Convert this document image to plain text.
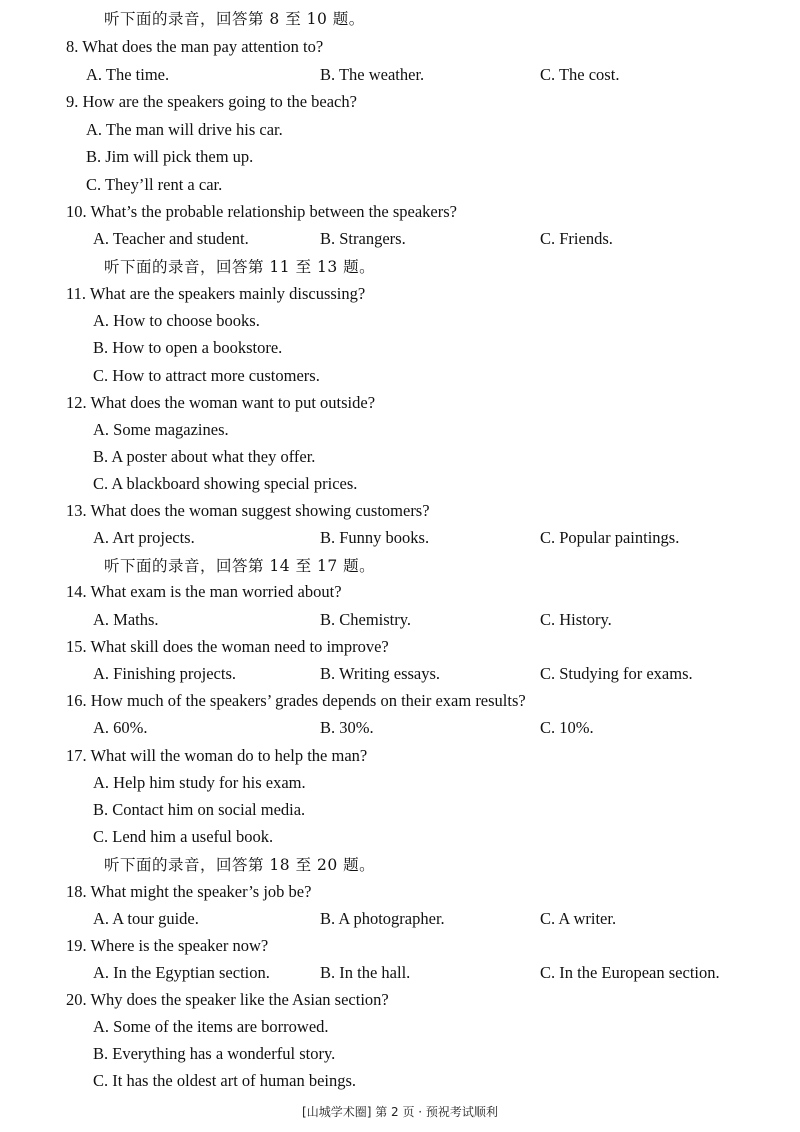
听下面的录音，回答第 8 至 10 题。
8. What does the man pay attention to?
A. The time.	B. The weather.	C. The cost.
9. How are the speakers going to the beach?
A. The man will drive his car.
B. Jim will pick them up.
C. They’ll rent a car.
10. What’s the probable relationship between the speakers?
A. Teacher and student.	B. Strangers.	C. Friends.
听下面的录音，回答第 11 至 13 题。
11. What are the speakers mainly discussing?
A. How to choose books.
B. How to open a bookstore.
C. How to attract more customers.
12. What does the woman want to put outside?
A. Some magazines.
B. A poster about what they offer.
C. A blackboard showing special prices.
13. What does the woman suggest showing customers?
A. Art projects.	B. Funny books.	C. Popular paintings.
听下面的录音，回答第 14 至 17 题。
14. What exam is the man worried about?
A. Maths.	B. Chemistry.	C. History.
15. What skill does the woman need to improve?
A. Finishing projects.	B. Writing essays.	C. Studying for exams.
16. How much of the speakers’ grades depends on their exam results?
A. 60%.	B. 30%.	C. 10%.
17. What will the woman do to help the man?
A. Help him study for his exam.
B. Contact him on social media.
C. Lend him a useful book.
听下面的录音，回答第 18 至 20 题。
18. What might the speaker’s job be?
A. A tour guide.	B. A photographer.	C. A writer.
19. Where is the speaker now?
A. In the Egyptian section.	B. In the hall.	C. In the European section.
20. Why does the speaker like the Asian section?
A. Some of the items are borrowed.
B. Everything has a wonderful story.
C. It has the oldest art of human beings.
[山城学术圈] 第 2 页 · 预祝考试顺利
